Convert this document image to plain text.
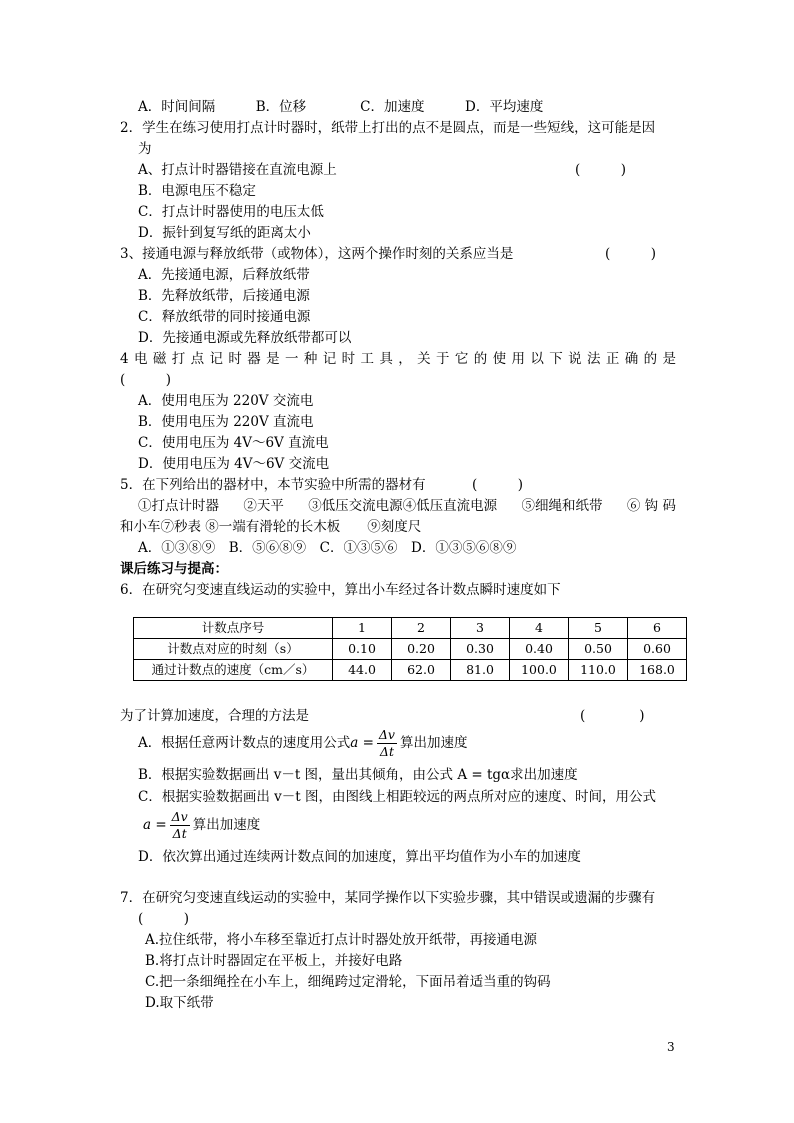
A．时间间隔　　　B．位移　　　　C．加速度　　　D．平均速度
2．学生在练习使用打点计时器时，纸带上打出的点不是圆点，而是一些短线，这可能是因
为
A、打点计时器错接在直流电源上	(　　　)
B．电源电压不稳定
C．打点计时器使用的电压太低
D．振针到复写纸的距离太小
3、接通电源与释放纸带（或物体），这两个操作时刻的关系应当是	(　　　)
A．先接通电源，后释放纸带
B．先释放纸带，后接通电源
C．释放纸带的同时接通电源
D．先接通电源或先释放纸带都可以
4 电 磁 打 点 记 时 器 是 一 种 记 时 工 具 ， 关 于 它 的 使 用 以 下 说 法 正 确 的 是
(　　　)
A．使用电压为 220V 交流电
B．使用电压为 220V 直流电
C．使用电压为 4V～6V 直流电
D．使用电压为 4V～6V 交流电
5．在下列给出的器材中，本节实验中所需的器材有	(　　　)
①打点计时器 ②天平 ③低压交流电源④低压直流电源 ⑤细绳和纸带 ⑥ 钩 码
和小车⑦秒表 ⑧一端有滑轮的长木板　　⑨刻度尺
A．①③⑧⑨　B．⑤⑥⑧⑨　C．①③⑤⑥　D．①③⑤⑥⑧⑨
课后练习与提高：
6．在研究匀变速直线运动的实验中，算出小车经过各计数点瞬时速度如下
计数点序号	1	2	3	4	5	6
计数点对应的时刻（s）	0.10	0.20	0.30	0.40	0.50	0.60
通过计数点的速度（cm／s）	44.0	62.0	81.0	100.0	110.0	168.0
为了计算加速度，合理的方法是	(　　　　)
A．根据任意两计数点的速度用公式$a = \frac{\Delta v}{\Delta t}$ 算出加速度
B．根据实验数据画出 v－t 图，量出其倾角，由公式 A = tgα求出加速度
C．根据实验数据画出 v－t 图，由图线上相距较远的两点所对应的速度、时间，用公式
$a = \frac{\Delta v}{\Delta t}$ 算出加速度
D．依次算出通过连续两计数点间的加速度，算出平均值作为小车的加速度
7．在研究匀变速直线运动的实验中，某同学操作以下实验步骤，其中错误或遗漏的步骤有
(　　　)
A.拉住纸带，将小车移至靠近打点计时器处放开纸带，再接通电源
B.将打点计时器固定在平板上，并接好电路
C.把一条细绳拴在小车上，细绳跨过定滑轮，下面吊着适当重的钩码
D.取下纸带
3
